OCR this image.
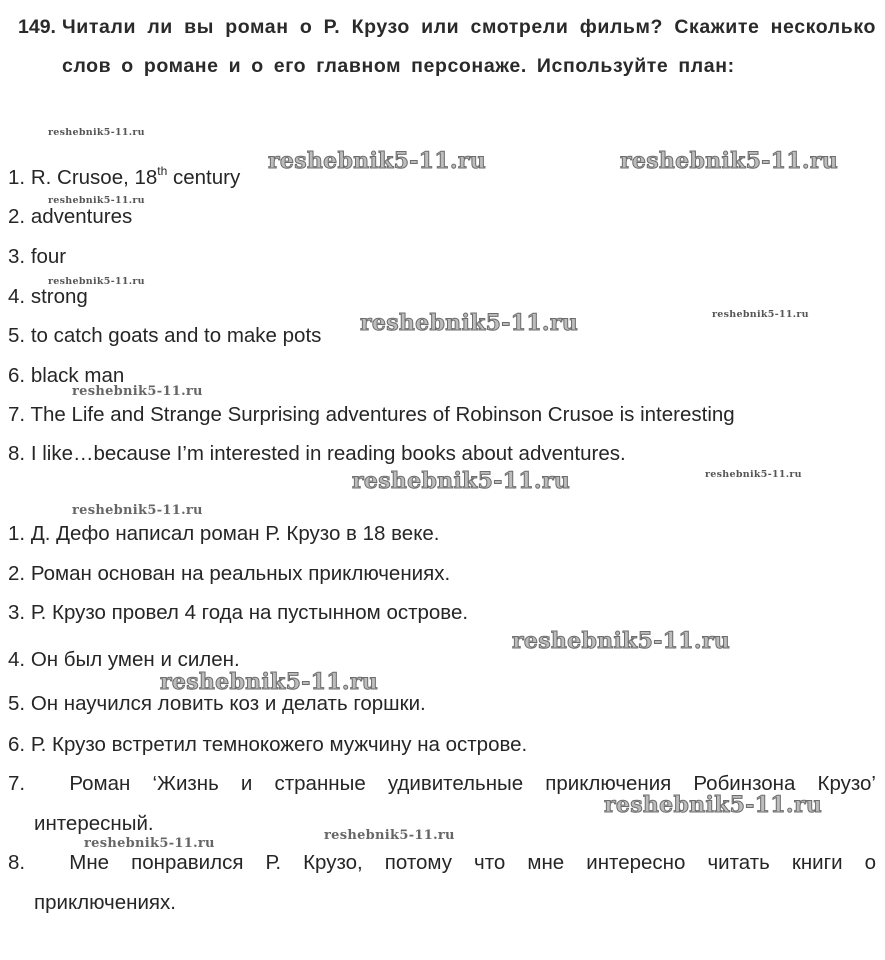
149. Читали ли вы роман о Р. Крузо или смотрели фильм? Скажите несколько слов о романе и о его главном персонаже. Используйте план:
1. R. Crusoe, 18th century
2. adventures
3. four
4. strong
5. to catch goats and to make pots
6. black man
7. The Life and Strange Surprising adventures of Robinson Crusoe is interesting
8. I like…because I’m interested in reading books about adventures.
1. Д. Дефо написал роман Р. Крузо в 18 веке.
2. Роман основан на реальных приключениях.
3. Р. Крузо провел 4 года на пустынном острове.
4. Он был умен и силен.
5. Он научился ловить коз и делать горшки.
6. Р. Крузо встретил темнокожего мужчину на острове.
7. Роман ‘Жизнь и странные удивительные приключения Робинзона Крузо’
интересный.
8. Мне понравился Р. Крузо, потому что мне интересно читать книги о
приключениях.
reshebnik5-11.ru
reshebnik5-11.ru	reshebnik5-11.ru
reshebnik5-11.ru
reshebnik5-11.ru
reshebnik5-11.ru	reshebnik5-11.ru
reshebnik5-11.ru
reshebnik5-11.ru
reshebnik5-11.ru
reshebnik5-11.ru
reshebnik5-11.ru
reshebnik5-11.ru
reshebnik5-11.ru
reshebnik5-11.ru
reshebnik5-11.ru
